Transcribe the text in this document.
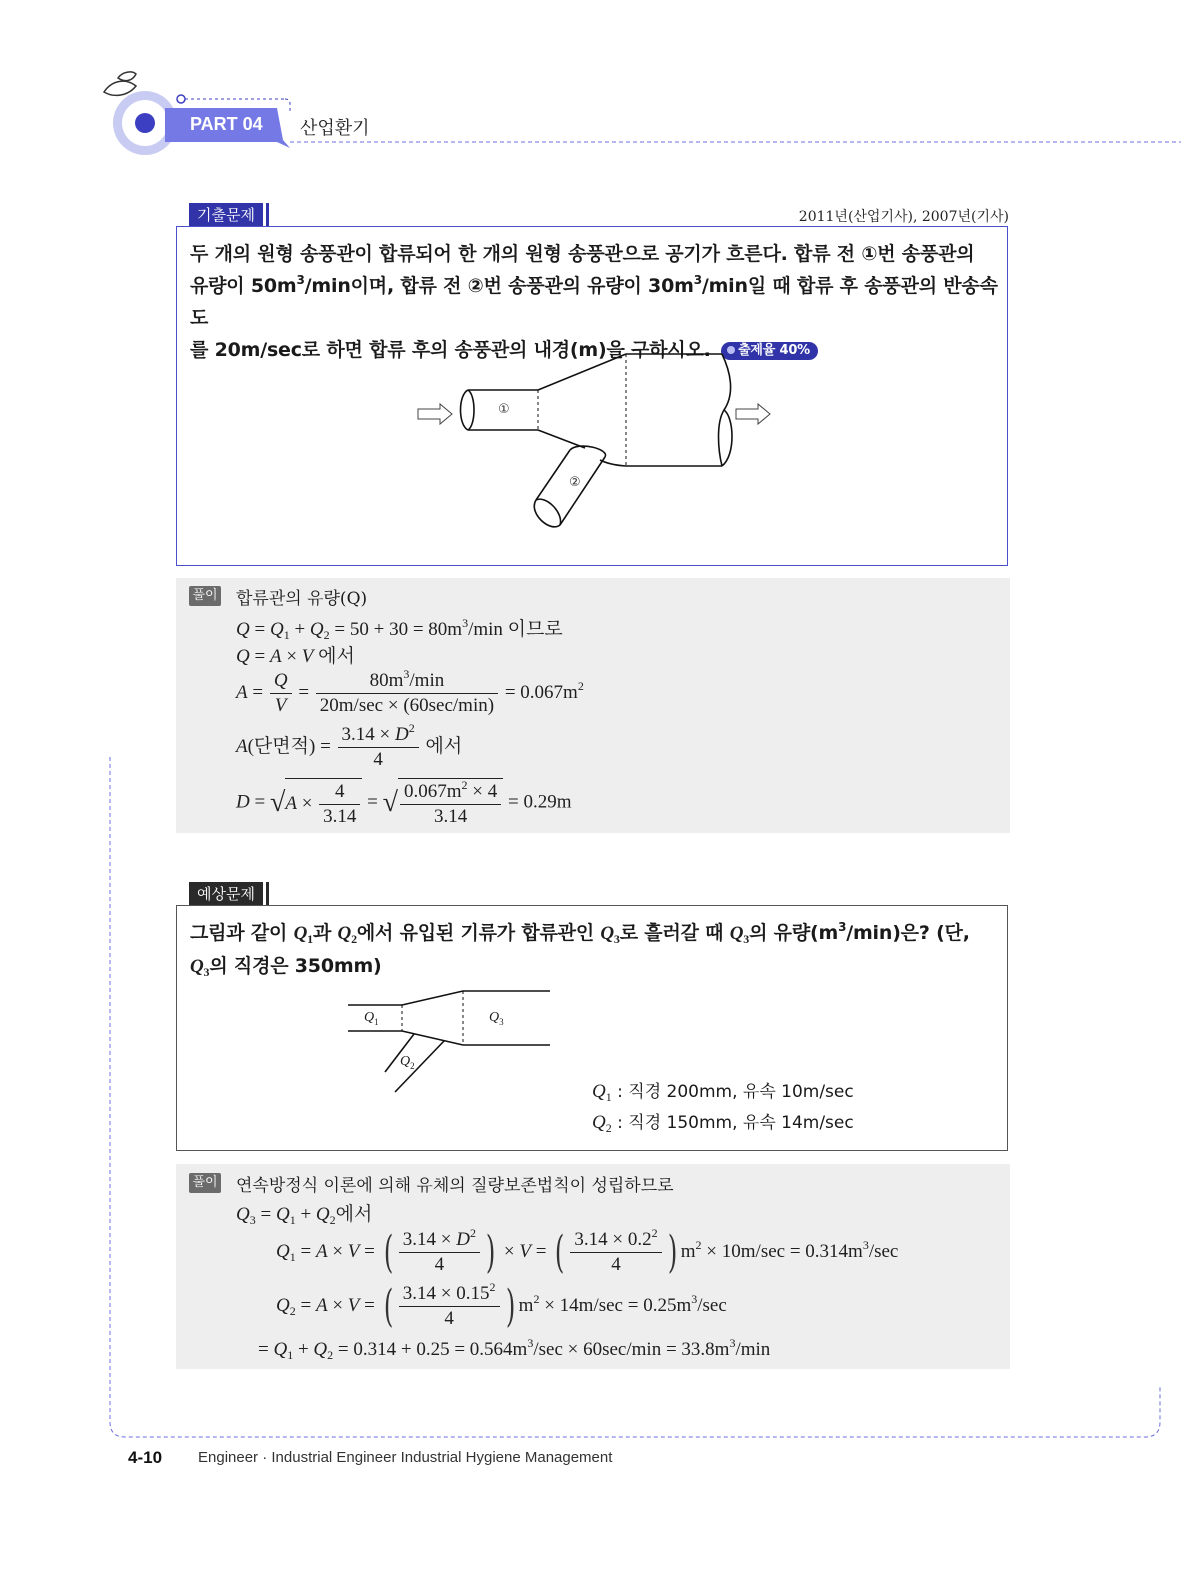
PART 04 산업환기
기출문제	2011년(산업기사), 2007년(기사)
두 개의 원형 송풍관이 합류되어 한 개의 원형 송풍관으로 공기가 흐른다. 합류 전 ①번 송풍관의
유량이 $50m^3/\min$이며, 합류 전 ②번 송풍관의 유량이 $30m^3/\min$일 때 합류 후 송풍관의 반송속도
를 20m/sec로 하면 합류 후의 송풍관의 내경(m)을 구하시오. 출제율 40%
①
②
풀이 합류관의 유량(Q)
$Q = Q_1 + Q_2 = 50 + 30 = 80m^3/\min$ 이므로
Q = A × V 에서
$A = \frac{Q}{V} = \frac{80m^3/\min}{20m/\sec \times (60\sec/\min)} = 0.067m^2$
A(단면적) = $\frac{3.14 \times D^2}{4}$ 에서
$D = √A \times \frac{4}{3.14}$ = √ $\frac{0.067m^2 \times 4}{3.14} = 0.29m$
예상문제
그림과 같이 $Q_1$과 $Q_2$에서 유입된 기류가 합류관인 $Q_3$로 흘러갈 때 $Q_3$의 유량$(m^3/\min)$은? (단,
$Q_3$의 직경은 350mm)
$Q_1$	$Q_3$
$Q_2$
$Q_1$ : 직경 200mm, 유속 10m/sec
$Q_2$ : 직경 150mm, 유속 14m/sec
풀이 연속방정식 이론에 의해 유체의 질량보존법칙이 성립하므로
$Q_3 = Q_1 + Q_2$에서
$Q_1 = A \times V$ = ( $\frac{3.14 \times D^2}{4}$ ) × V = ( $\frac{3.14 \times 0.2^2}{4}$ ) $m^2 \times 10m/\sec = 0.314m^3/\sec$
$Q_2 = A \times V$ = ( $\frac{3.14 \times 0.15^2}{4}$ ) $m^2 \times 14m/\sec = 0.25m^3/\sec$
= $Q_1 + Q_2 = 0.314 + 0.25 = 0.564m^3/\sec \times 60\sec/\min = 33.8m^3/\min$
4-10 Engineer · Industrial Engineer Industrial Hygiene Management
